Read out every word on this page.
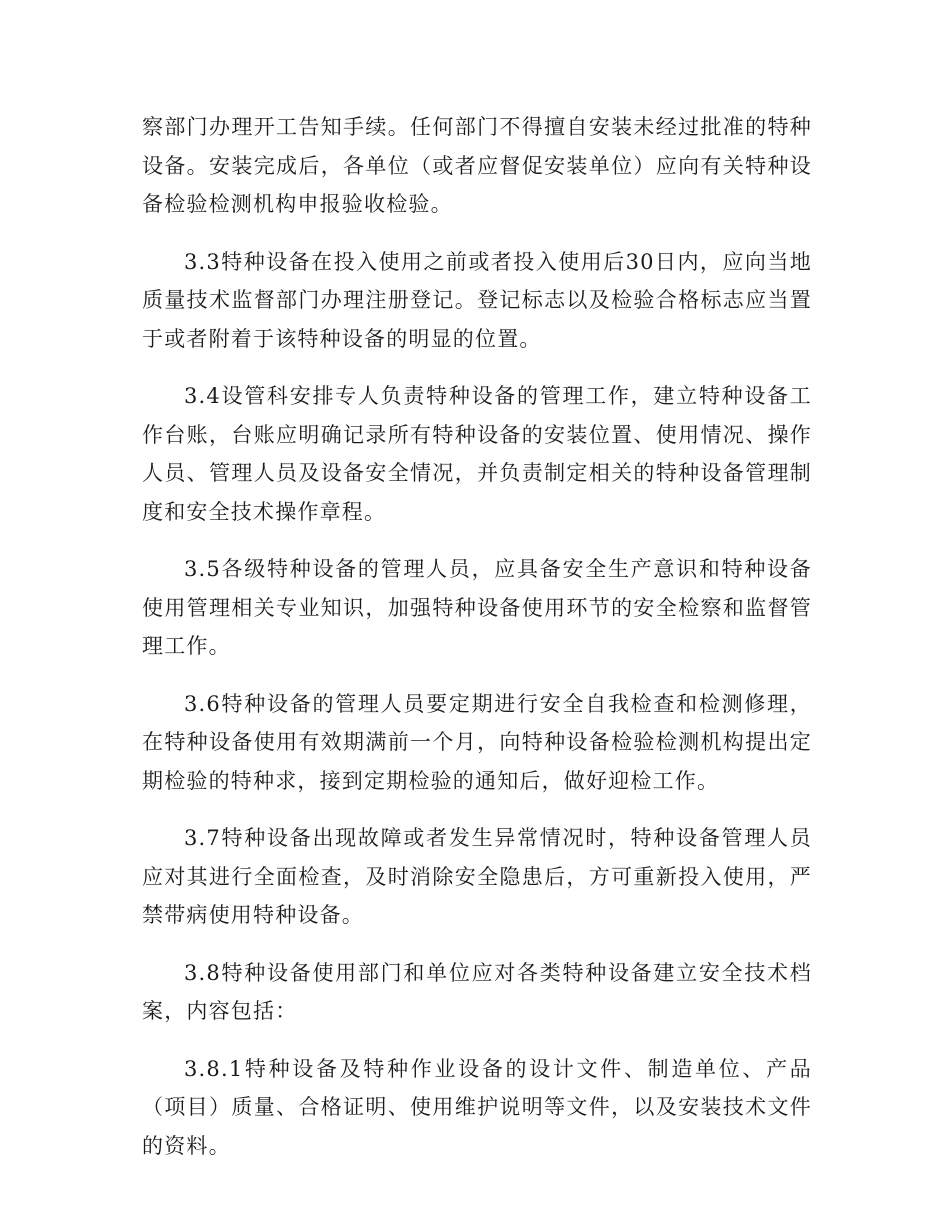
察部门办理开工告知手续。任何部门不得擅自安装未经过批准的特种设备。安装完成后，各单位（或者应督促安装单位）应向有关特种设备检验检测机构申报验收检验。

3.3特种设备在投入使用之前或者投入使用后30日内，应向当地质量技术监督部门办理注册登记。登记标志以及检验合格标志应当置于或者附着于该特种设备的明显的位置。

3.4设管科安排专人负责特种设备的管理工作，建立特种设备工作台账，台账应明确记录所有特种设备的安装位置、使用情况、操作人员、管理人员及设备安全情况，并负责制定相关的特种设备管理制度和安全技术操作章程。

3.5各级特种设备的管理人员，应具备安全生产意识和特种设备使用管理相关专业知识，加强特种设备使用环节的安全检察和监督管理工作。

3.6特种设备的管理人员要定期进行安全自我检查和检测修理，在特种设备使用有效期满前一个月，向特种设备检验检测机构提出定期检验的特种求，接到定期检验的通知后，做好迎检工作。

3.7特种设备出现故障或者发生异常情况时，特种设备管理人员应对其进行全面检查，及时消除安全隐患后，方可重新投入使用，严禁带病使用特种设备。

3.8特种设备使用部门和单位应对各类特种设备建立安全技术档案，内容包括：

3.8.1特种设备及特种作业设备的设计文件、制造单位、产品（项目）质量、合格证明、使用维护说明等文件，以及安装技术文件的资料。
